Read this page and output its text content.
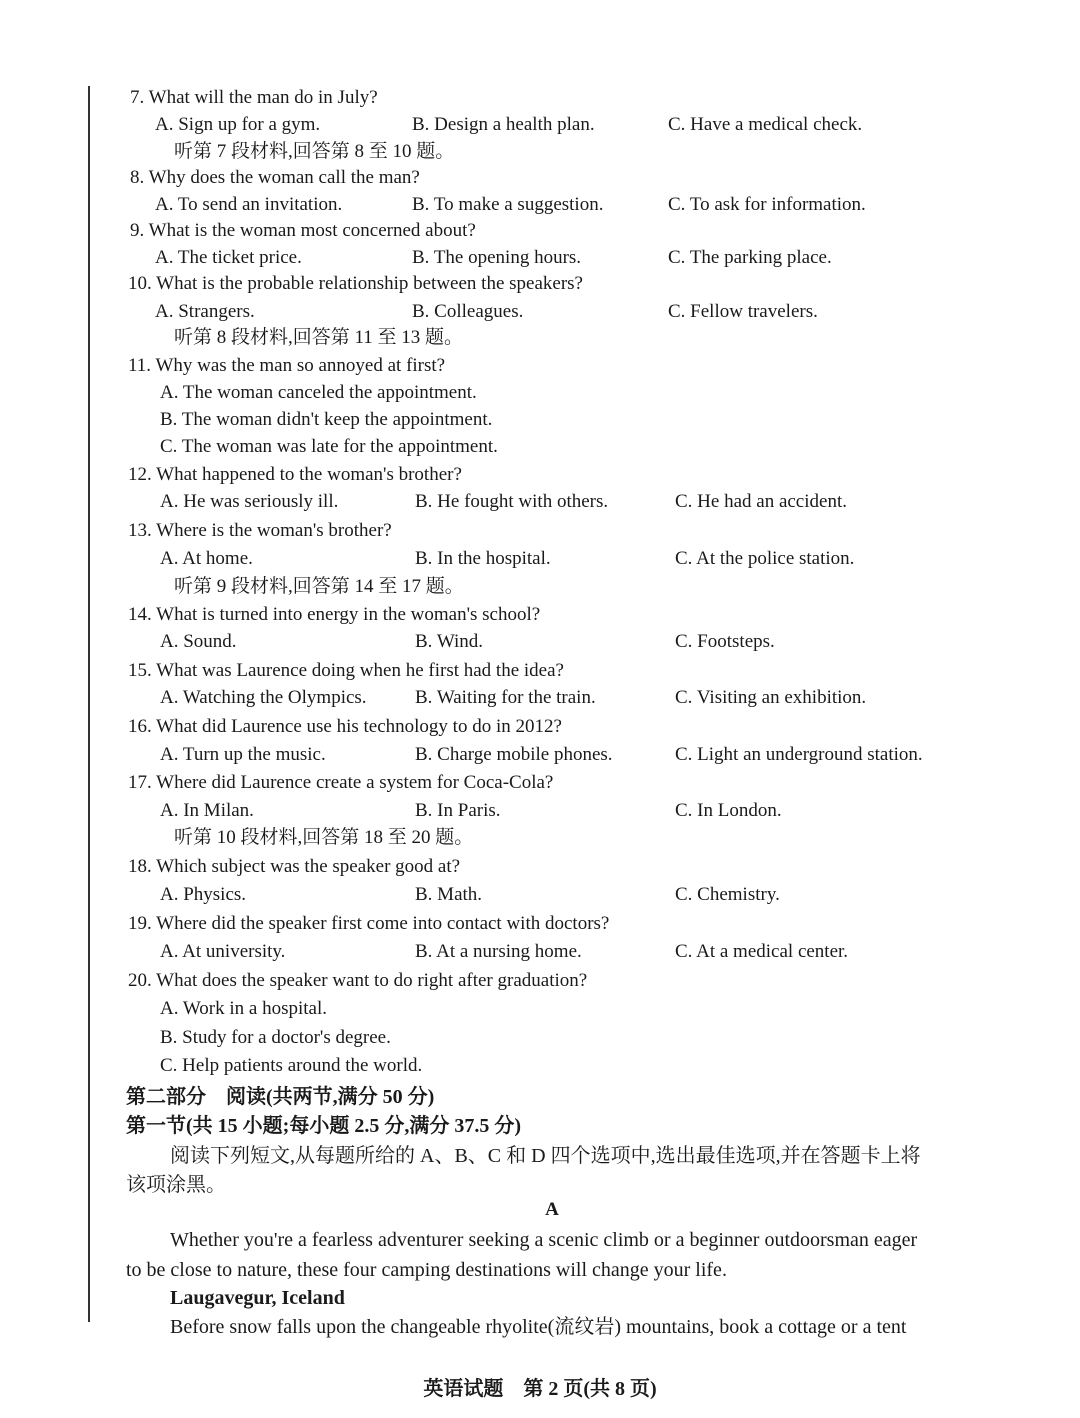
7. What will the man do in July?
A. Sign up for a gym.	B. Design a health plan.	C. Have a medical check.
听第 7 段材料,回答第 8 至 10 题。
8. Why does the woman call the man?
A. To send an invitation.	B. To make a suggestion.	C. To ask for information.
9. What is the woman most concerned about?
A. The ticket price.	B. The opening hours.	C. The parking place.
10. What is the probable relationship between the speakers?
A. Strangers.	B. Colleagues.	C. Fellow travelers.
听第 8 段材料,回答第 11 至 13 题。
11. Why was the man so annoyed at first?
A. The woman canceled the appointment.
B. The woman didn't keep the appointment.
C. The woman was late for the appointment.
12. What happened to the woman's brother?
A. He was seriously ill.	B. He fought with others.	C. He had an accident.
13. Where is the woman's brother?
A. At home.	B. In the hospital.	C. At the police station.
听第 9 段材料,回答第 14 至 17 题。
14. What is turned into energy in the woman's school?
A. Sound.	B. Wind.	C. Footsteps.
15. What was Laurence doing when he first had the idea?
A. Watching the Olympics.	B. Waiting for the train.	C. Visiting an exhibition.
16. What did Laurence use his technology to do in 2012?
A. Turn up the music.	B. Charge mobile phones.	C. Light an underground station.
17. Where did Laurence create a system for Coca-Cola?
A. In Milan.	B. In Paris.	C. In London.
听第 10 段材料,回答第 18 至 20 题。
18. Which subject was the speaker good at?
A. Physics.	B. Math.	C. Chemistry.
19. Where did the speaker first come into contact with doctors?
A. At university.	B. At a nursing home.	C. At a medical center.
20. What does the speaker want to do right after graduation?
A. Work in a hospital.
B. Study for a doctor's degree.
C. Help patients around the world.
第二部分　阅读(共两节,满分 50 分)
第一节(共 15 小题;每小题 2.5 分,满分 37.5 分)
阅读下列短文,从每题所给的 A、B、C 和 D 四个选项中,选出最佳选项,并在答题卡上将
该项涂黑。
A
Whether you're a fearless adventurer seeking a scenic climb or a beginner outdoorsman eager
to be close to nature, these four camping destinations will change your life.
Laugavegur, Iceland
Before snow falls upon the changeable rhyolite(流纹岩) mountains, book a cottage or a tent
英语试题　第 2 页(共 8 页)
